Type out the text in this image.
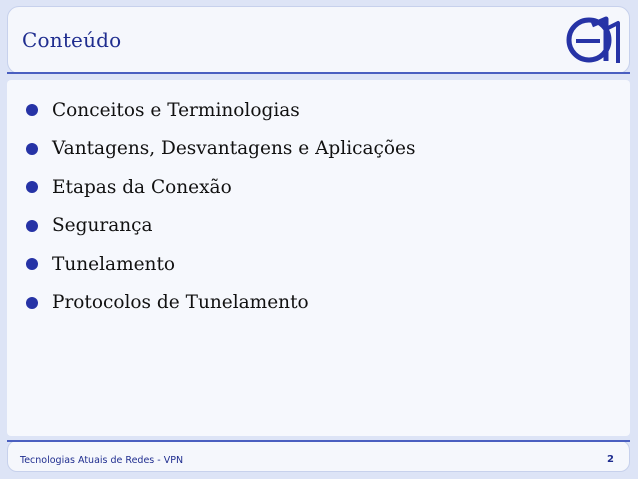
Conteúdo
Conceitos e Terminologias
Vantagens, Desvantagens e Aplicações
Etapas da Conexão
Segurança
Tunelamento
Protocolos de Tunelamento
Tecnologias Atuais de Redes - VPN	2
